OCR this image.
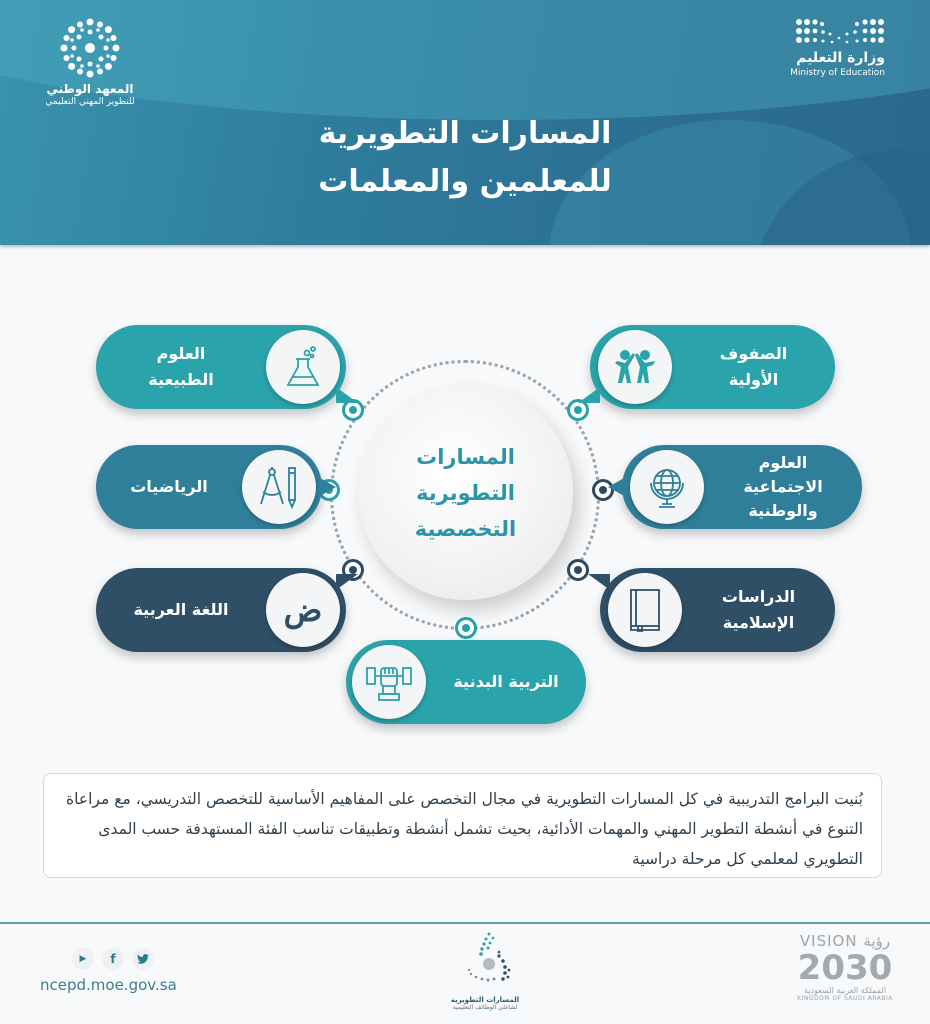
المعهد الوطني
للتطوير المهني التعليمي
وزارة التعليم
Ministry of Education
المسارات التطويرية
للمعلمين والمعلمات
المسارات
التطويرية
التخصصية
العلوم
الطبيعية
الرياضيات
اللغة العربية	ض
التربية البدنية
الصفوف
الأولية
العلوم
الاجتماعية
والوطنية
الدراسات
الإسلامية
بُنيت البرامج التدريبية في كل المسارات التطويرية في مجال التخصص على المفاهيم الأساسية للتخصص التدريسي، مع مراعاة التنوع في أنشطة التطوير المهني والمهمات الأدائية، بحيث تشمل أنشطة وتطبيقات تناسب الفئة المستهدفة حسب المدى التطويري لمعلمي كل مرحلة دراسية
▶	f
ncepd.moe.gov.sa
المسارات التطويرية
لشاغلي الوظائف التعليمية
VISION رؤية
2030
المملكة العربية السعودية
KINGDOM OF SAUDI ARABIA
